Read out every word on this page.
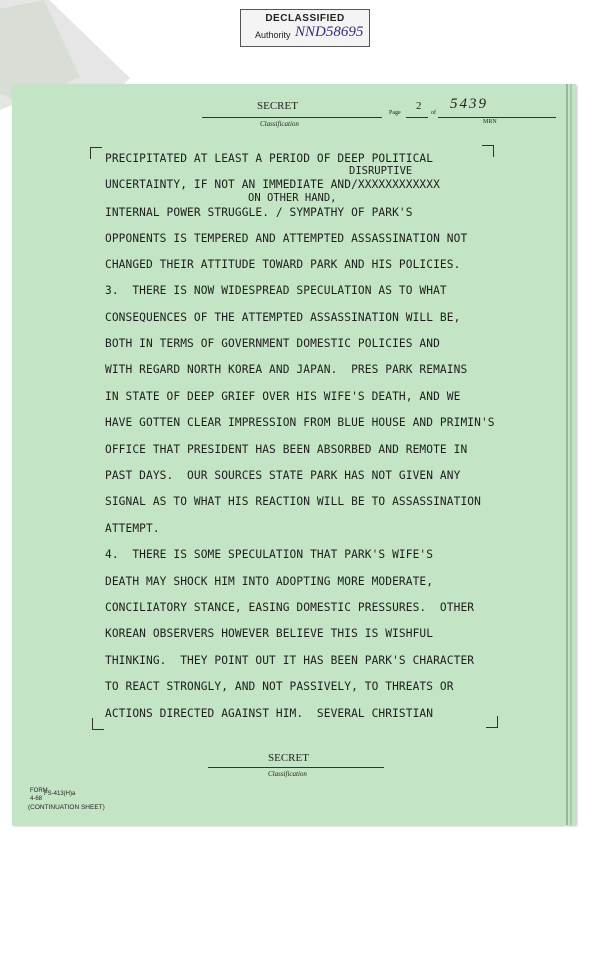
DECLASSIFIED
Authority NND58695
SECRET
Classification
Page
2
of
5439
MRN
DISRUPTIVE
ON OTHER HAND,
PRECIPITATED AT LEAST A PERIOD OF DEEP POLITICAL
UNCERTAINTY, IF NOT AN IMMEDIATE AND/XXXXXXXXXXXX
INTERNAL POWER STRUGGLE. / SYMPATHY OF PARK'S
OPPONENTS IS TEMPERED AND ATTEMPTED ASSASSINATION NOT
CHANGED THEIR ATTITUDE TOWARD PARK AND HIS POLICIES.
3.  THERE IS NOW WIDESPREAD SPECULATION AS TO WHAT
CONSEQUENCES OF THE ATTEMPTED ASSASSINATION WILL BE,
BOTH IN TERMS OF GOVERNMENT DOMESTIC POLICIES AND
WITH REGARD NORTH KOREA AND JAPAN.  PRES PARK REMAINS
IN STATE OF DEEP GRIEF OVER HIS WIFE'S DEATH, AND WE
HAVE GOTTEN CLEAR IMPRESSION FROM BLUE HOUSE AND PRIMIN'S
OFFICE THAT PRESIDENT HAS BEEN ABSORBED AND REMOTE IN
PAST DAYS.  OUR SOURCES STATE PARK HAS NOT GIVEN ANY
SIGNAL AS TO WHAT HIS REACTION WILL BE TO ASSASSINATION
ATTEMPT.
4.  THERE IS SOME SPECULATION THAT PARK'S WIFE'S
DEATH MAY SHOCK HIM INTO ADOPTING MORE MODERATE,
CONCILIATORY STANCE, EASING DOMESTIC PRESSURES.  OTHER
KOREAN OBSERVERS HOWEVER BELIEVE THIS IS WISHFUL
THINKING.  THEY POINT OUT IT HAS BEEN PARK'S CHARACTER
TO REACT STRONGLY, AND NOT PASSIVELY, TO THREATS OR
ACTIONS DIRECTED AGAINST HIM.  SEVERAL CHRISTIAN
SECRET
Classification
FORM
FS-413(H)a
4-68
(CONTINUATION SHEET)
